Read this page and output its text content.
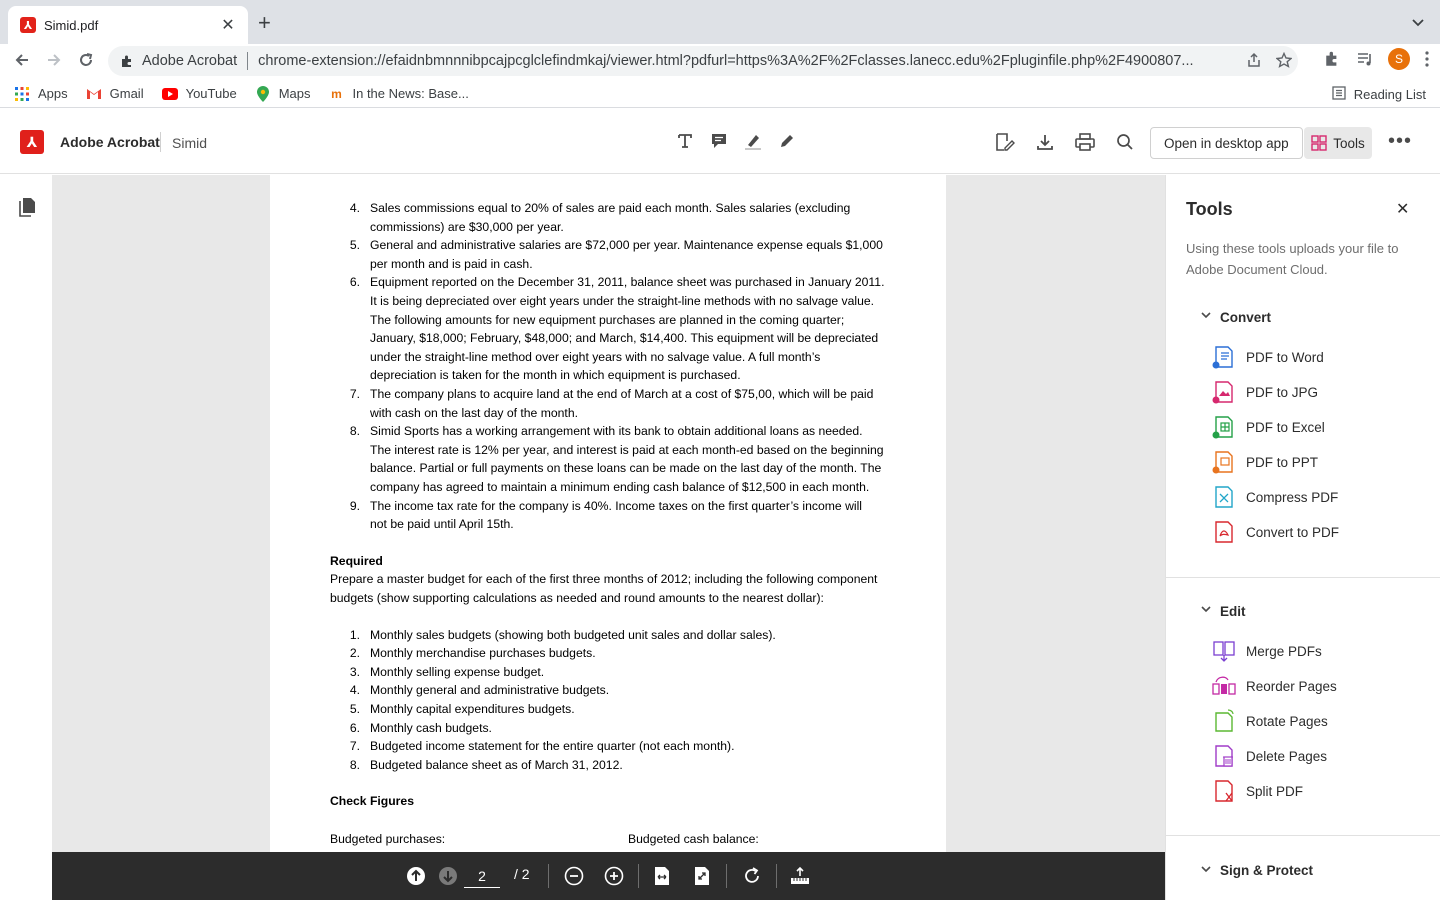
⅄ Simid.pdf	✕ +
Adobe Acrobat chrome-extension://efaidnbmnnnibpcajpcglclefindmkaj/viewer.html?pdfurl=https%3A%2F%2Fclasses.lanecc.edu%2Fpluginfile.php%2F4900807...	S
Apps	Gmail	YouTube	Maps m In the News: Base...	Reading List
⅄	Adobe Acrobat Simid	Open in desktop app	Tools •••
4. Sales commissions equal to 20% of sales are paid each month. Sales salaries (excluding
commissions) are $30,000 per year.
5. General and administrative salaries are $72,000 per year. Maintenance expense equals $1,000
per month and is paid in cash.
6. Equipment reported on the December 31, 2011, balance sheet was purchased in January 2011.
It is being depreciated over eight years under the straight-line methods with no salvage value.
The following amounts for new equipment purchases are planned in the coming quarter;
January, $18,000; February, $48,000; and March, $14,400. This equipment will be depreciated
under the straight-line method over eight years with no salvage value. A full month’s
depreciation is taken for the month in which equipment is purchased.
7. The company plans to acquire land at the end of March at a cost of $75,00, which will be paid
with cash on the last day of the month.
8. Simid Sports has a working arrangement with its bank to obtain additional loans as needed.
The interest rate is 12% per year, and interest is paid at each month-ed based on the beginning
balance. Partial or full payments on these loans can be made on the last day of the month. The
company has agreed to maintain a minimum ending cash balance of $12,500 in each month.
9. The income tax rate for the company is 40%. Income taxes on the first quarter’s income will
not be paid until April 15th.
Required
Prepare a master budget for each of the first three months of 2012; including the following component
budgets (show supporting calculations as needed and round amounts to the nearest dollar):
1. Monthly sales budgets (showing both budgeted unit sales and dollar sales).
2. Monthly merchandise purchases budgets.
3. Monthly selling expense budget.
4. Monthly general and administrative budgets.
5. Monthly capital expenditures budgets.
6. Monthly cash budgets.
7. Budgeted income statement for the entire quarter (not each month).
8. Budgeted balance sheet as of March 31, 2012.
Check Figures
Budgeted purchases:	Budgeted cash balance:
2	/ 2
Tools	✕
Using these tools uploads your file to Adobe Document Cloud.
Convert
PDF to Word
PDF to JPG
PDF to Excel
PDF to PPT
Compress PDF
Convert to PDF
Edit
Merge PDFs
Reorder Pages
Rotate Pages
Delete Pages
Split PDF
Sign & Protect
